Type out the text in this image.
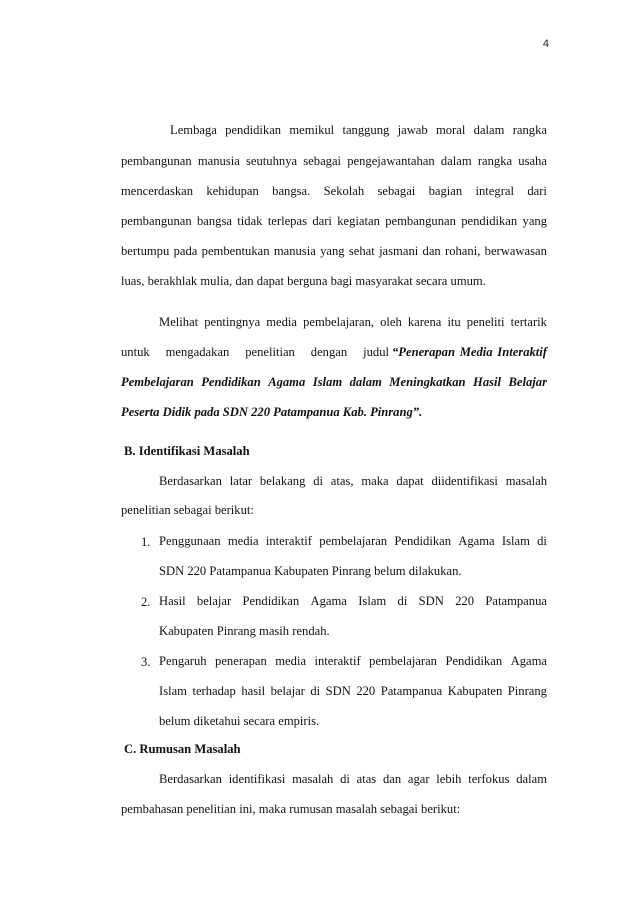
4
Lembaga pendidikan memikul tanggung jawab moral dalam rangka
pembangunan manusia seutuhnya sebagai pengejawantahan dalam rangka usaha
mencerdaskan kehidupan bangsa. Sekolah sebagai bagian integral dari
pembangunan bangsa tidak terlepas dari kegiatan pembangunan pendidikan yang
bertumpu pada pembentukan manusia yang sehat jasmani dan rohani, berwawasan
luas, berakhlak mulia, dan dapat berguna bagi masyarakat secara umum.
Melihat pentingnya media pembelajaran, oleh karena itu peneliti tertarik
untuk mengadakan penelitian dengan judul “Penerapan Media Interaktif
Pembelajaran Pendidikan Agama Islam dalam Meningkatkan Hasil Belajar
Peserta Didik pada SDN 220 Patampanua Kab. Pinrang”.
B. Identifikasi Masalah
Berdasarkan latar belakang di atas, maka dapat diidentifikasi masalah
penelitian sebagai berikut:
1. Penggunaan media interaktif pembelajaran Pendidikan Agama Islam di
SDN 220 Patampanua Kabupaten Pinrang belum dilakukan.
2. Hasil belajar Pendidikan Agama Islam di SDN 220 Patampanua
Kabupaten Pinrang masih rendah.
3. Pengaruh penerapan media interaktif pembelajaran Pendidikan Agama
Islam terhadap hasil belajar di SDN 220 Patampanua Kabupaten Pinrang
belum diketahui secara empiris.
C. Rumusan Masalah
Berdasarkan identifikasi masalah di atas dan agar lebih terfokus dalam
pembahasan penelitian ini, maka rumusan masalah sebagai berikut:
